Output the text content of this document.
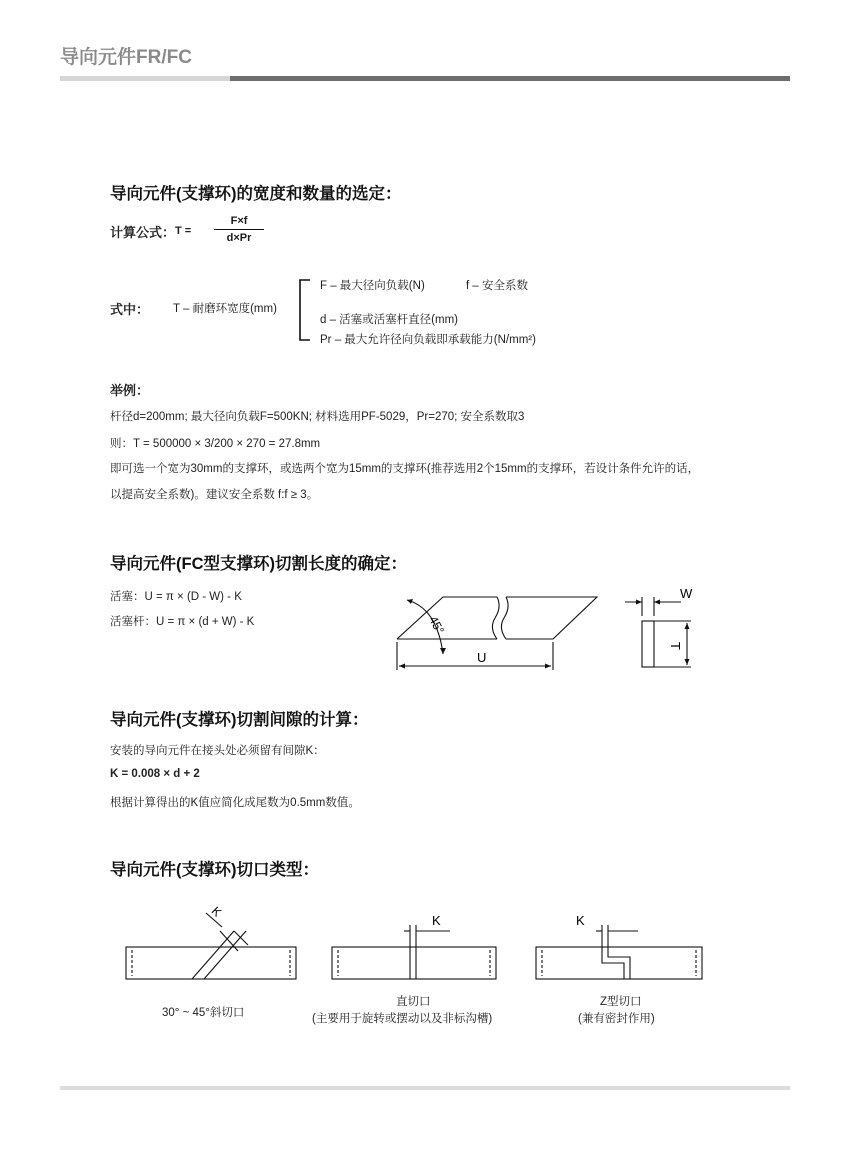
导向元件FR/FC
导向元件(支撑环)的宽度和数量的选定：
计算公式： T =
F×f
d×Pr
式中： T – 耐磨环宽度(mm)
F – 最大径向负载(N)	f – 安全系数
d – 活塞或活塞杆直径(mm)
Pr – 最大允许径向负载即承载能力(N/mm²)
举例：
杆径d=200mm; 最大径向负载F=500KN; 材料选用PF-5029，Pr=270; 安全系数取3
则：T = 500000 × 3/200 × 270 = 27.8mm
即可选一个宽为30mm的支撑环，或选两个宽为15mm的支撑环(推荐选用2个15mm的支撑环，若设计条件允许的话，
以提高安全系数)。建议安全系数 f:f ≥ 3。
导向元件(FC型支撑环)切割长度的确定：
活塞：U = π × (D - W) - K
活塞杆：U = π × (d + W) - K	45°
U
W
T
导向元件(支撑环)切割间隙的计算：
安装的导向元件在接头处必须留有间隙K：
K = 0.008 × d + 2
根据计算得出的K值应简化成尾数为0.5mm数值。
导向元件(支撑环)切口类型：
K
K	K
30° ~ 45°斜切口
直切口
(主要用于旋转或摆动以及非标沟槽)
Z型切口
(兼有密封作用)
